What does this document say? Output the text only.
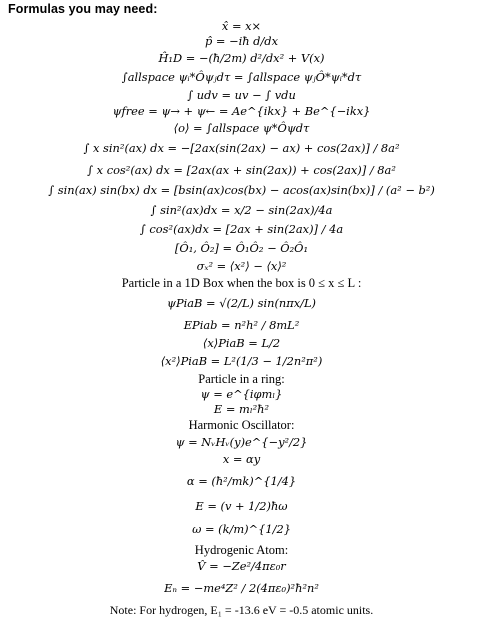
Formulas you may need:
x̂ = x×
p̂ = −iħ d/dx
Ĥ₁D = −(ħ/2m) d²/dx² + V(x)
∫allspace ψᵢ*Ôψⱼdτ = ∫allspace ψⱼÔ*ψᵢ*dτ
∫ udv = uv − ∫ vdu
ψfree = ψ→ + ψ← = Ae^{ikx} + Be^{−ikx}
⟨o⟩ = ∫allspace ψ*Ôψdτ
∫ x sin²(ax) dx = −[2ax(sin(2ax) − ax) + cos(2ax)] / 8a²
∫ x cos²(ax) dx = [2ax(ax + sin(2ax)) + cos(2ax)] / 8a²
∫ sin(ax) sin(bx) dx = [bsin(ax)cos(bx) − acos(ax)sin(bx)] / (a² − b²)
∫ sin²(ax)dx = x/2 − sin(2ax)/4a
∫ cos²(ax)dx = [2ax + sin(2ax)] / 4a
[Ô₁, Ô₂] = Ô₁Ô₂ − Ô₂Ô₁
σₓ² = ⟨x²⟩ − ⟨x⟩²
Particle in a 1D Box when the box is 0 ≤ x ≤ L :
ψPiaB = √(2/L) sin(nπx/L)
EPiab = n²h² / 8mL²
⟨x⟩PiaB = L/2
⟨x²⟩PiaB = L²(1/3 − 1/2n²π²)
Particle in a ring:
ψ = e^{iφmₗ}
E = mₗ²ħ²
Harmonic Oscillator:
ψ = NᵥHᵥ(y)e^{−y²/2}
x = αy
α = (ħ²/mk)^{1/4}
E = (v + 1/2)ħω
ω = (k/m)^{1/2}
Hydrogenic Atom:
V̂ = −Ze²/4πε₀r
Eₙ = −me⁴Z² / 2(4πε₀)²ħ²n²
Note: For hydrogen, E₁ = -13.6 eV = -0.5 atomic units.
